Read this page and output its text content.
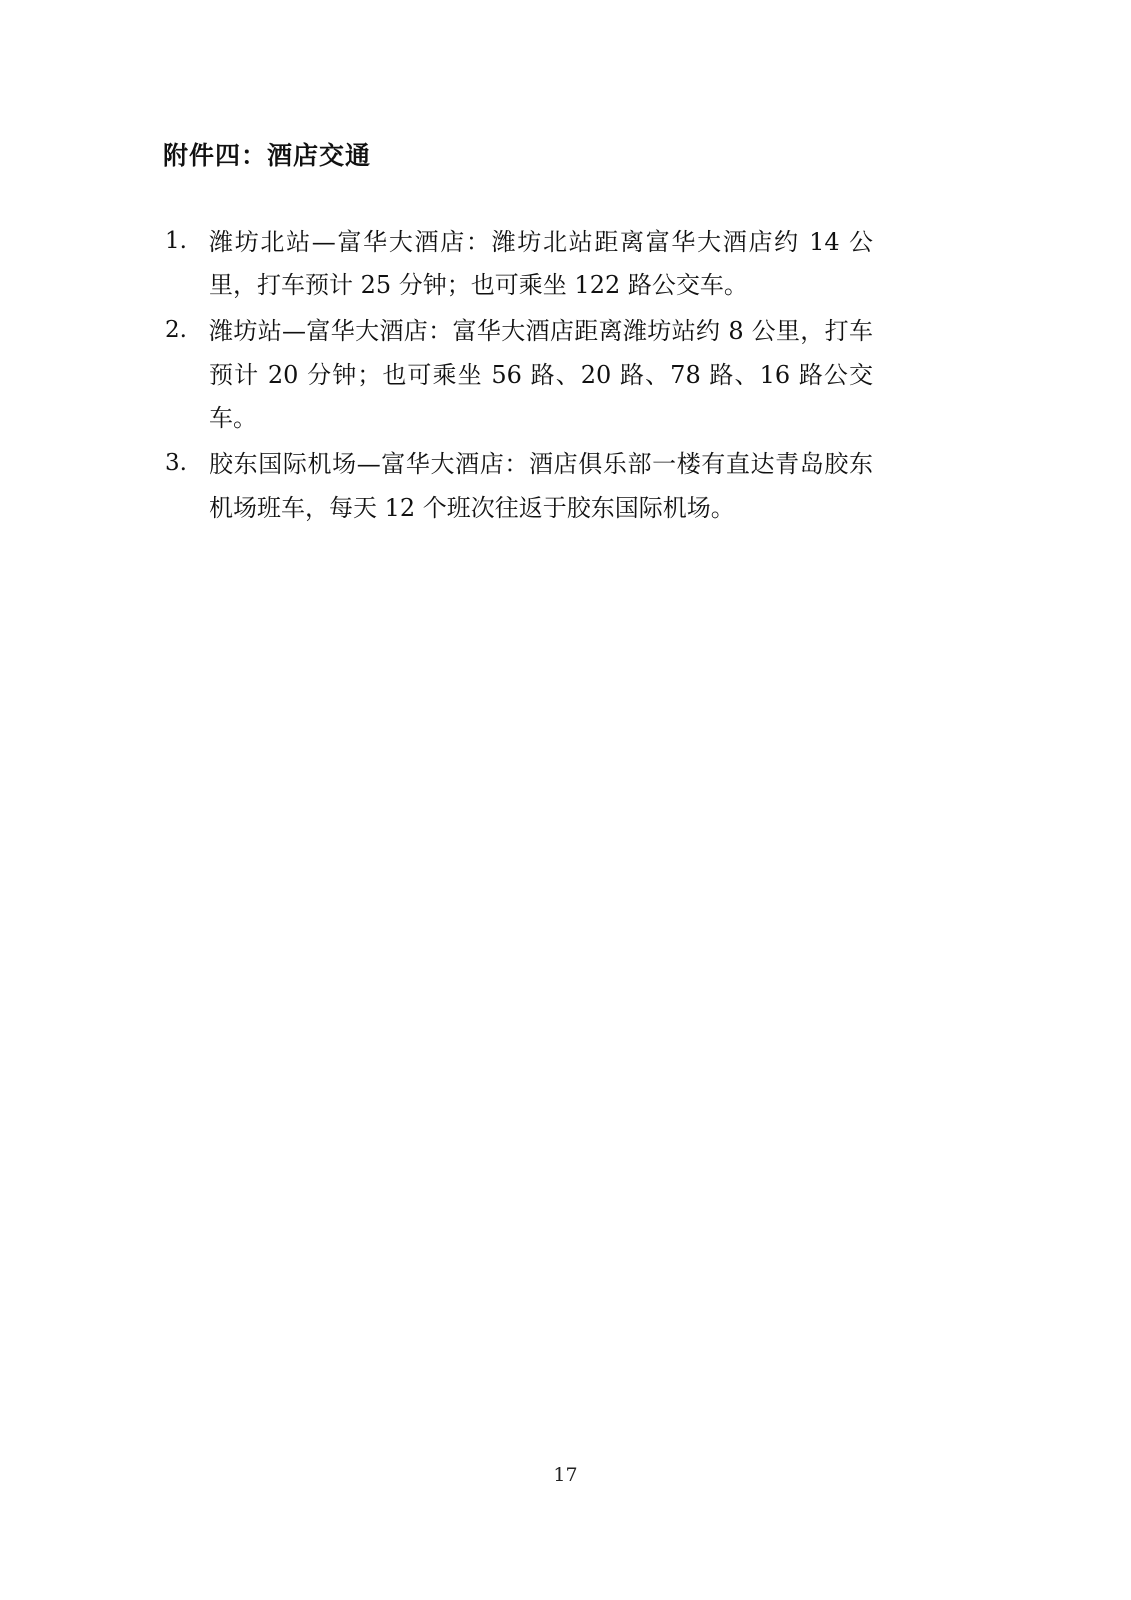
附件四：酒店交通
1. 潍坊北站—富华大酒店：潍坊北站距离富华大酒店约 14 公里，打车预计 25 分钟；也可乘坐 122 路公交车。
2. 潍坊站—富华大酒店：富华大酒店距离潍坊站约 8 公里，打车预计 20 分钟；也可乘坐 56 路、20 路、78 路、16 路公交车。
3. 胶东国际机场—富华大酒店：酒店俱乐部一楼有直达青岛胶东机场班车，每天 12 个班次往返于胶东国际机场。
17
